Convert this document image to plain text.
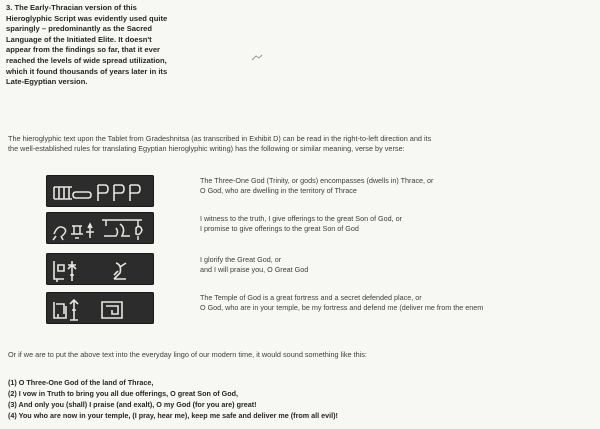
3. The Early-Thracian version of this
Hieroglyphic Script was evidently used quite
sparingly – predominantly as the Sacred
Language of the Initiated Elite. It doesn't
appear from the findings so far, that it ever
reached the levels of wide spread utilization,
which it found thousands of years later in its
Late-Egyptian version.
The hieroglyphic text upon the Tablet from Gradeshnitsa (as transcribed in Exhibit D) can be read in the right-to-left direction and its
the well-established rules for translating Egyptian hieroglyphic writing) has the following or similar meaning, verse by verse:
The Three-One God (Trinity, or gods) encompasses (dwells in) Thrace, or
O God, who are dwelling in the territory of Thrace
I witness to the truth, I give offerings to the great Son of God, or
I promise to give offerings to the great Son of God
I glorify the Great God, or
and I will praise you, O Great God
The Temple of God is a great fortress and a secret defended place, or
O God, who are in your temple, be my fortress and defend me (deliver me from the enem
Or if we are to put the above text into the everyday lingo of our modern time, it would sound something like this:
(1) O Three-One God of the land of Thrace,
(2) I vow in Truth to bring you all due offerings, O great Son of God,
(3) And only you (shall) I praise (and exalt), O my God (for you are) great!
(4) You who are now in your temple, (I pray, hear me), keep me safe and deliver me (from all evil)!
